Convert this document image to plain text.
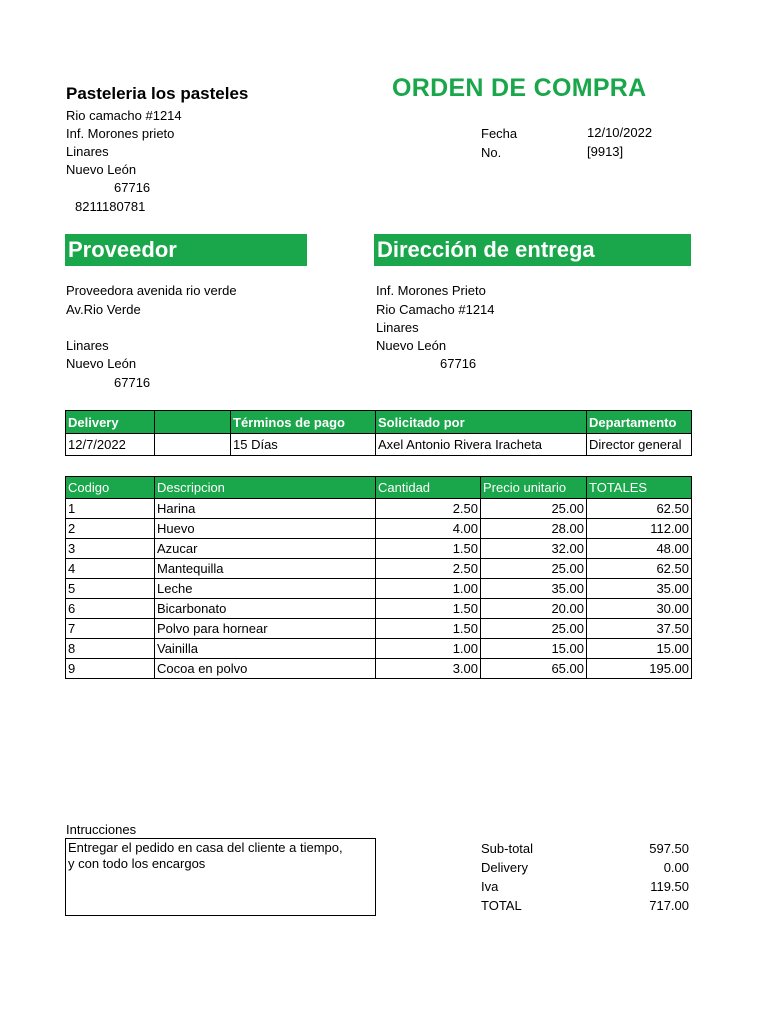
Pasteleria los pasteles	ORDEN DE COMPRA
Rio camacho #1214
Inf. Morones prieto
Linares
Nuevo León
67716
8211180781
Fecha	12/10/2022
No.	[9913]
Proveedor	Dirección de entrega
Proveedora avenida rio verde
Av.Rio Verde
Linares
Nuevo León
67716
Inf. Morones Prieto
Rio Camacho #1214
Linares
Nuevo León
67716
Delivery		Términos de pago	Solicitado por	Departamento
12/7/2022		15 Días	Axel Antonio Rivera Iracheta	Director general
Codigo	Descripcion	Cantidad	Precio unitario	TOTALES
1	Harina	2.50	25.00	62.50
2	Huevo	4.00	28.00	112.00
3	Azucar	1.50	32.00	48.00
4	Mantequilla	2.50	25.00	62.50
5	Leche	1.00	35.00	35.00
6	Bicarbonato	1.50	20.00	30.00
7	Polvo para hornear	1.50	25.00	37.50
8	Vainilla	1.00	15.00	15.00
9	Cocoa en polvo	3.00	65.00	195.00
Intrucciones
Entregar el pedido en casa del cliente a tiempo,
y con todo los encargos
Sub-total	597.50
Delivery	0.00
Iva	119.50
TOTAL	717.00
